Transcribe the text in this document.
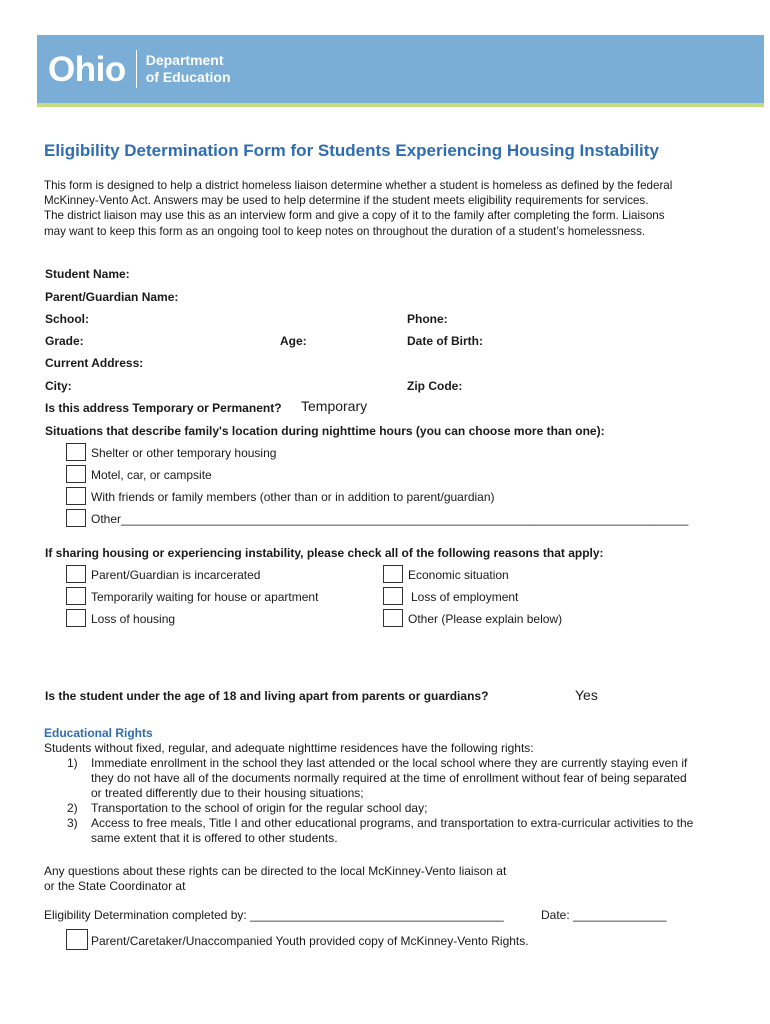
Ohio Department
of Education
Eligibility Determination Form for Students Experiencing Housing Instability
This form is designed to help a district homeless liaison determine whether a student is homeless as defined by the federal
McKinney-Vento Act. Answers may be used to help determine if the student meets eligibility requirements for services.
The district liaison may use this as an interview form and give a copy of it to the family after completing the form. Liaisons
may want to keep this form as an ongoing tool to keep notes on throughout the duration of a student’s homelessness.
Student Name:
Parent/Guardian Name:
School:	Phone:
Grade:	Age:	Date of Birth:
Current Address:
City:	Zip Code:
Is this address Temporary or Permanent? Temporary
Situations that describe family's location during nighttime hours (you can choose more than one):
Shelter or other temporary housing
Motel, car, or campsite
With friends or family members (other than or in addition to parent/guardian)
Other_____________________________________________________________________________________
If sharing housing or experiencing instability, please check all of the following reasons that apply:
Parent/Guardian is incarcerated
Temporarily waiting for house or apartment
Loss of housing
Economic situation
Loss of employment
Other (Please explain below)
Is the student under the age of 18 and living apart from parents or guardians?	Yes
Educational Rights
Students without fixed, regular, and adequate nighttime residences have the following rights:
1) Immediate enrollment in the school they last attended or the local school where they are currently staying even if
they do not have all of the documents normally required at the time of enrollment without fear of being separated
or treated differently due to their housing situations;
2) Transportation to the school of origin for the regular school day;
3) Access to free meals, Title I and other educational programs, and transportation to extra-curricular activities to the
same extent that it is offered to other students.
Any questions about these rights can be directed to the local McKinney-Vento liaison at
or the State Coordinator at
Eligibility Determination completed by: ______________________________________	Date: ______________
Parent/Caretaker/Unaccompanied Youth provided copy of McKinney-Vento Rights.
